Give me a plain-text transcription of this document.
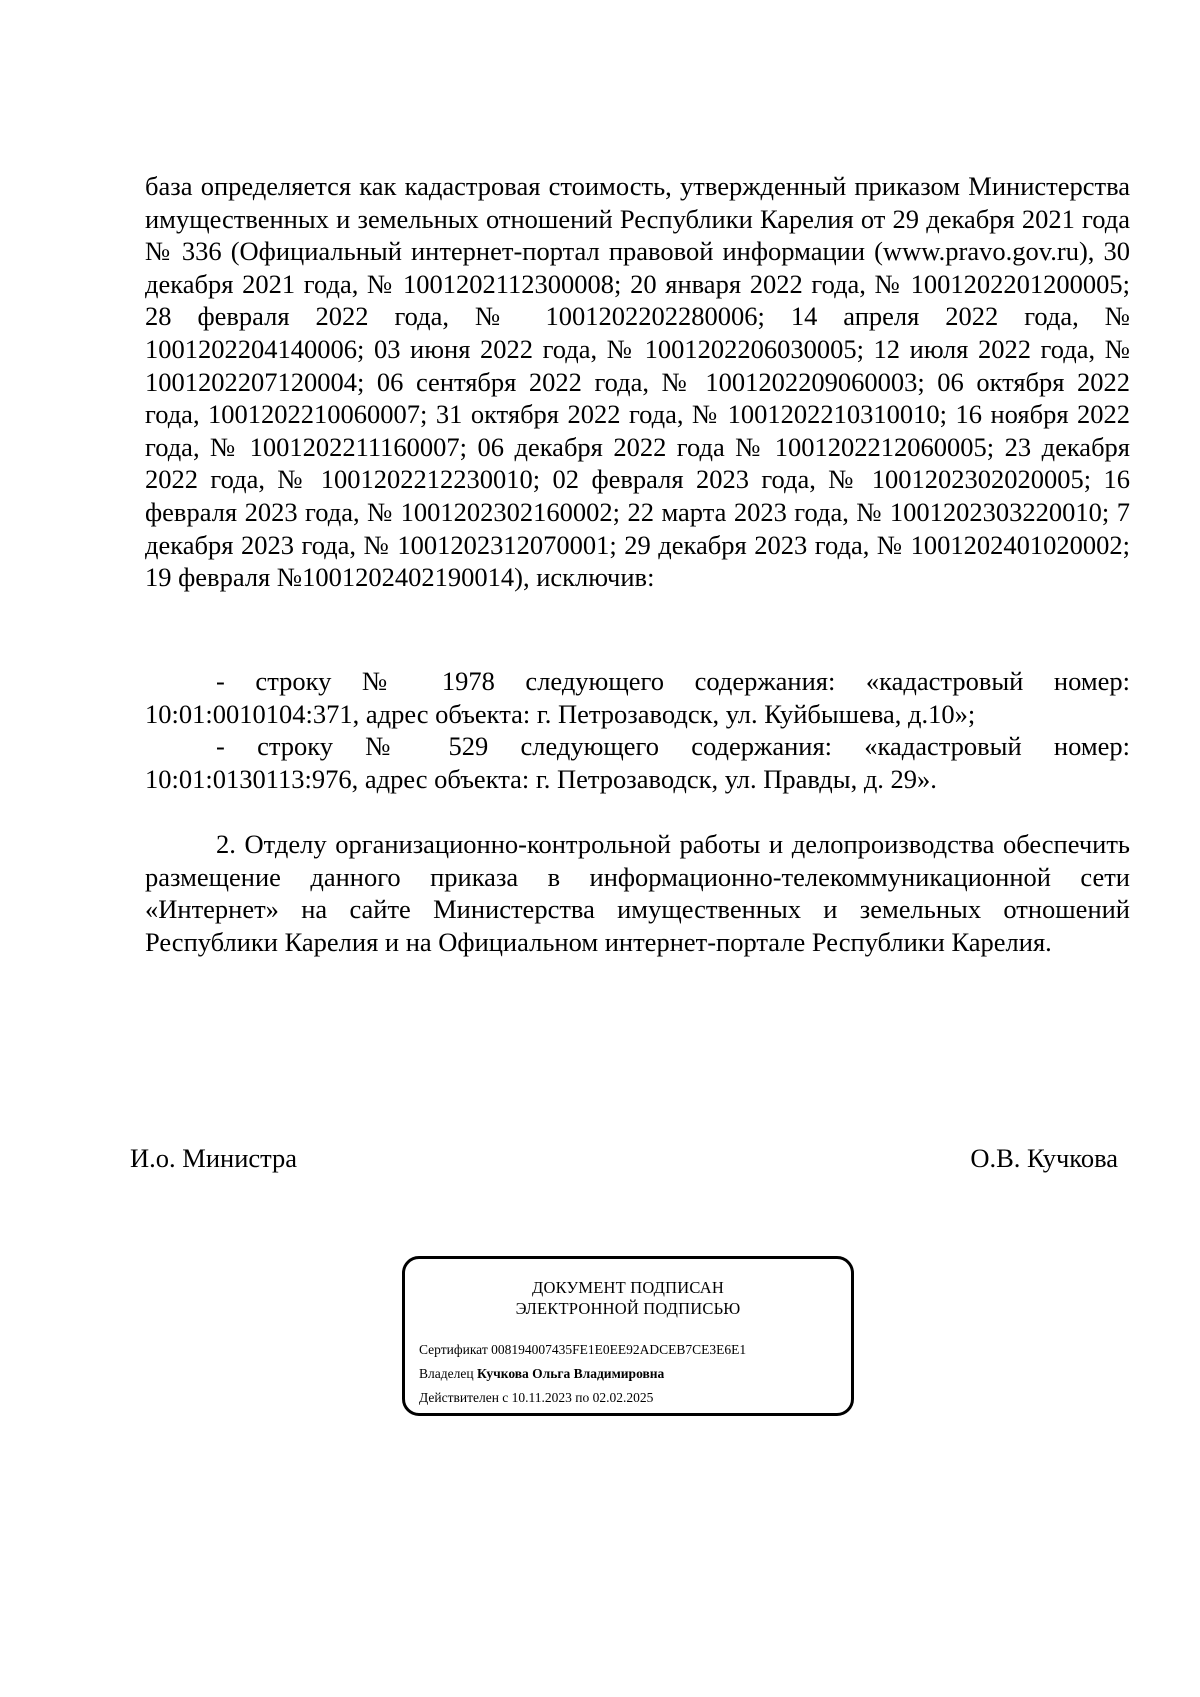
база определяется как кадастровая стоимость, утвержденный приказом Министерства имущественных и земельных отношений Республики Карелия от 29 декабря 2021 года № 336 (Официальный интернет-портал правовой информации (www.pravo.gov.ru), 30 декабря 2021 года, № 1001202112300008; 20 января 2022 года, № 1001202201200005; 28 февраля 2022 года, № 1001202202280006; 14 апреля 2022 года, № 1001202204140006; 03 июня 2022 года, № 1001202206030005; 12 июля 2022 года, № 1001202207120004; 06 сентября 2022 года, № 1001202209060003; 06 октября 2022 года, 1001202210060007; 31 октября 2022 года, № 1001202210310010; 16 ноября 2022 года, № 1001202211160007; 06 декабря 2022 года № 1001202212060005; 23 декабря 2022 года, № 1001202212230010; 02 февраля 2023 года, № 1001202302020005; 16 февраля 2023 года, № 1001202302160002; 22 марта 2023 года, № 1001202303220010; 7 декабря 2023 года, № 1001202312070001; 29 декабря 2023 года, № 1001202401020002; 19 февраля №1001202402190014), исключив:

- строку № 1978 следующего содержания: «кадастровый номер: 10:01:0010104:371, адрес объекта: г. Петрозаводск, ул. Куйбышева, д.10»;

- строку № 529 следующего содержания: «кадастровый номер: 10:01:0130113:976, адрес объекта: г. Петрозаводск, ул. Правды, д. 29».

2. Отделу организационно-контрольной работы и делопроизводства обеспечить размещение данного приказа в информационно-телекоммуникационной сети «Интернет» на сайте Министерства имущественных и земельных отношений Республики Карелия и на Официальном интернет-портале Республики Карелия.

И.о. Министра	О.В. Кучкова
ДОКУМЕНТ ПОДПИСАН
ЭЛЕКТРОННОЙ ПОДПИСЬЮ
Сертификат 008194007435FE1E0EE92ADCEB7CE3E6E1
Владелец Кучкова Ольга Владимировна
Действителен с 10.11.2023 по 02.02.2025
